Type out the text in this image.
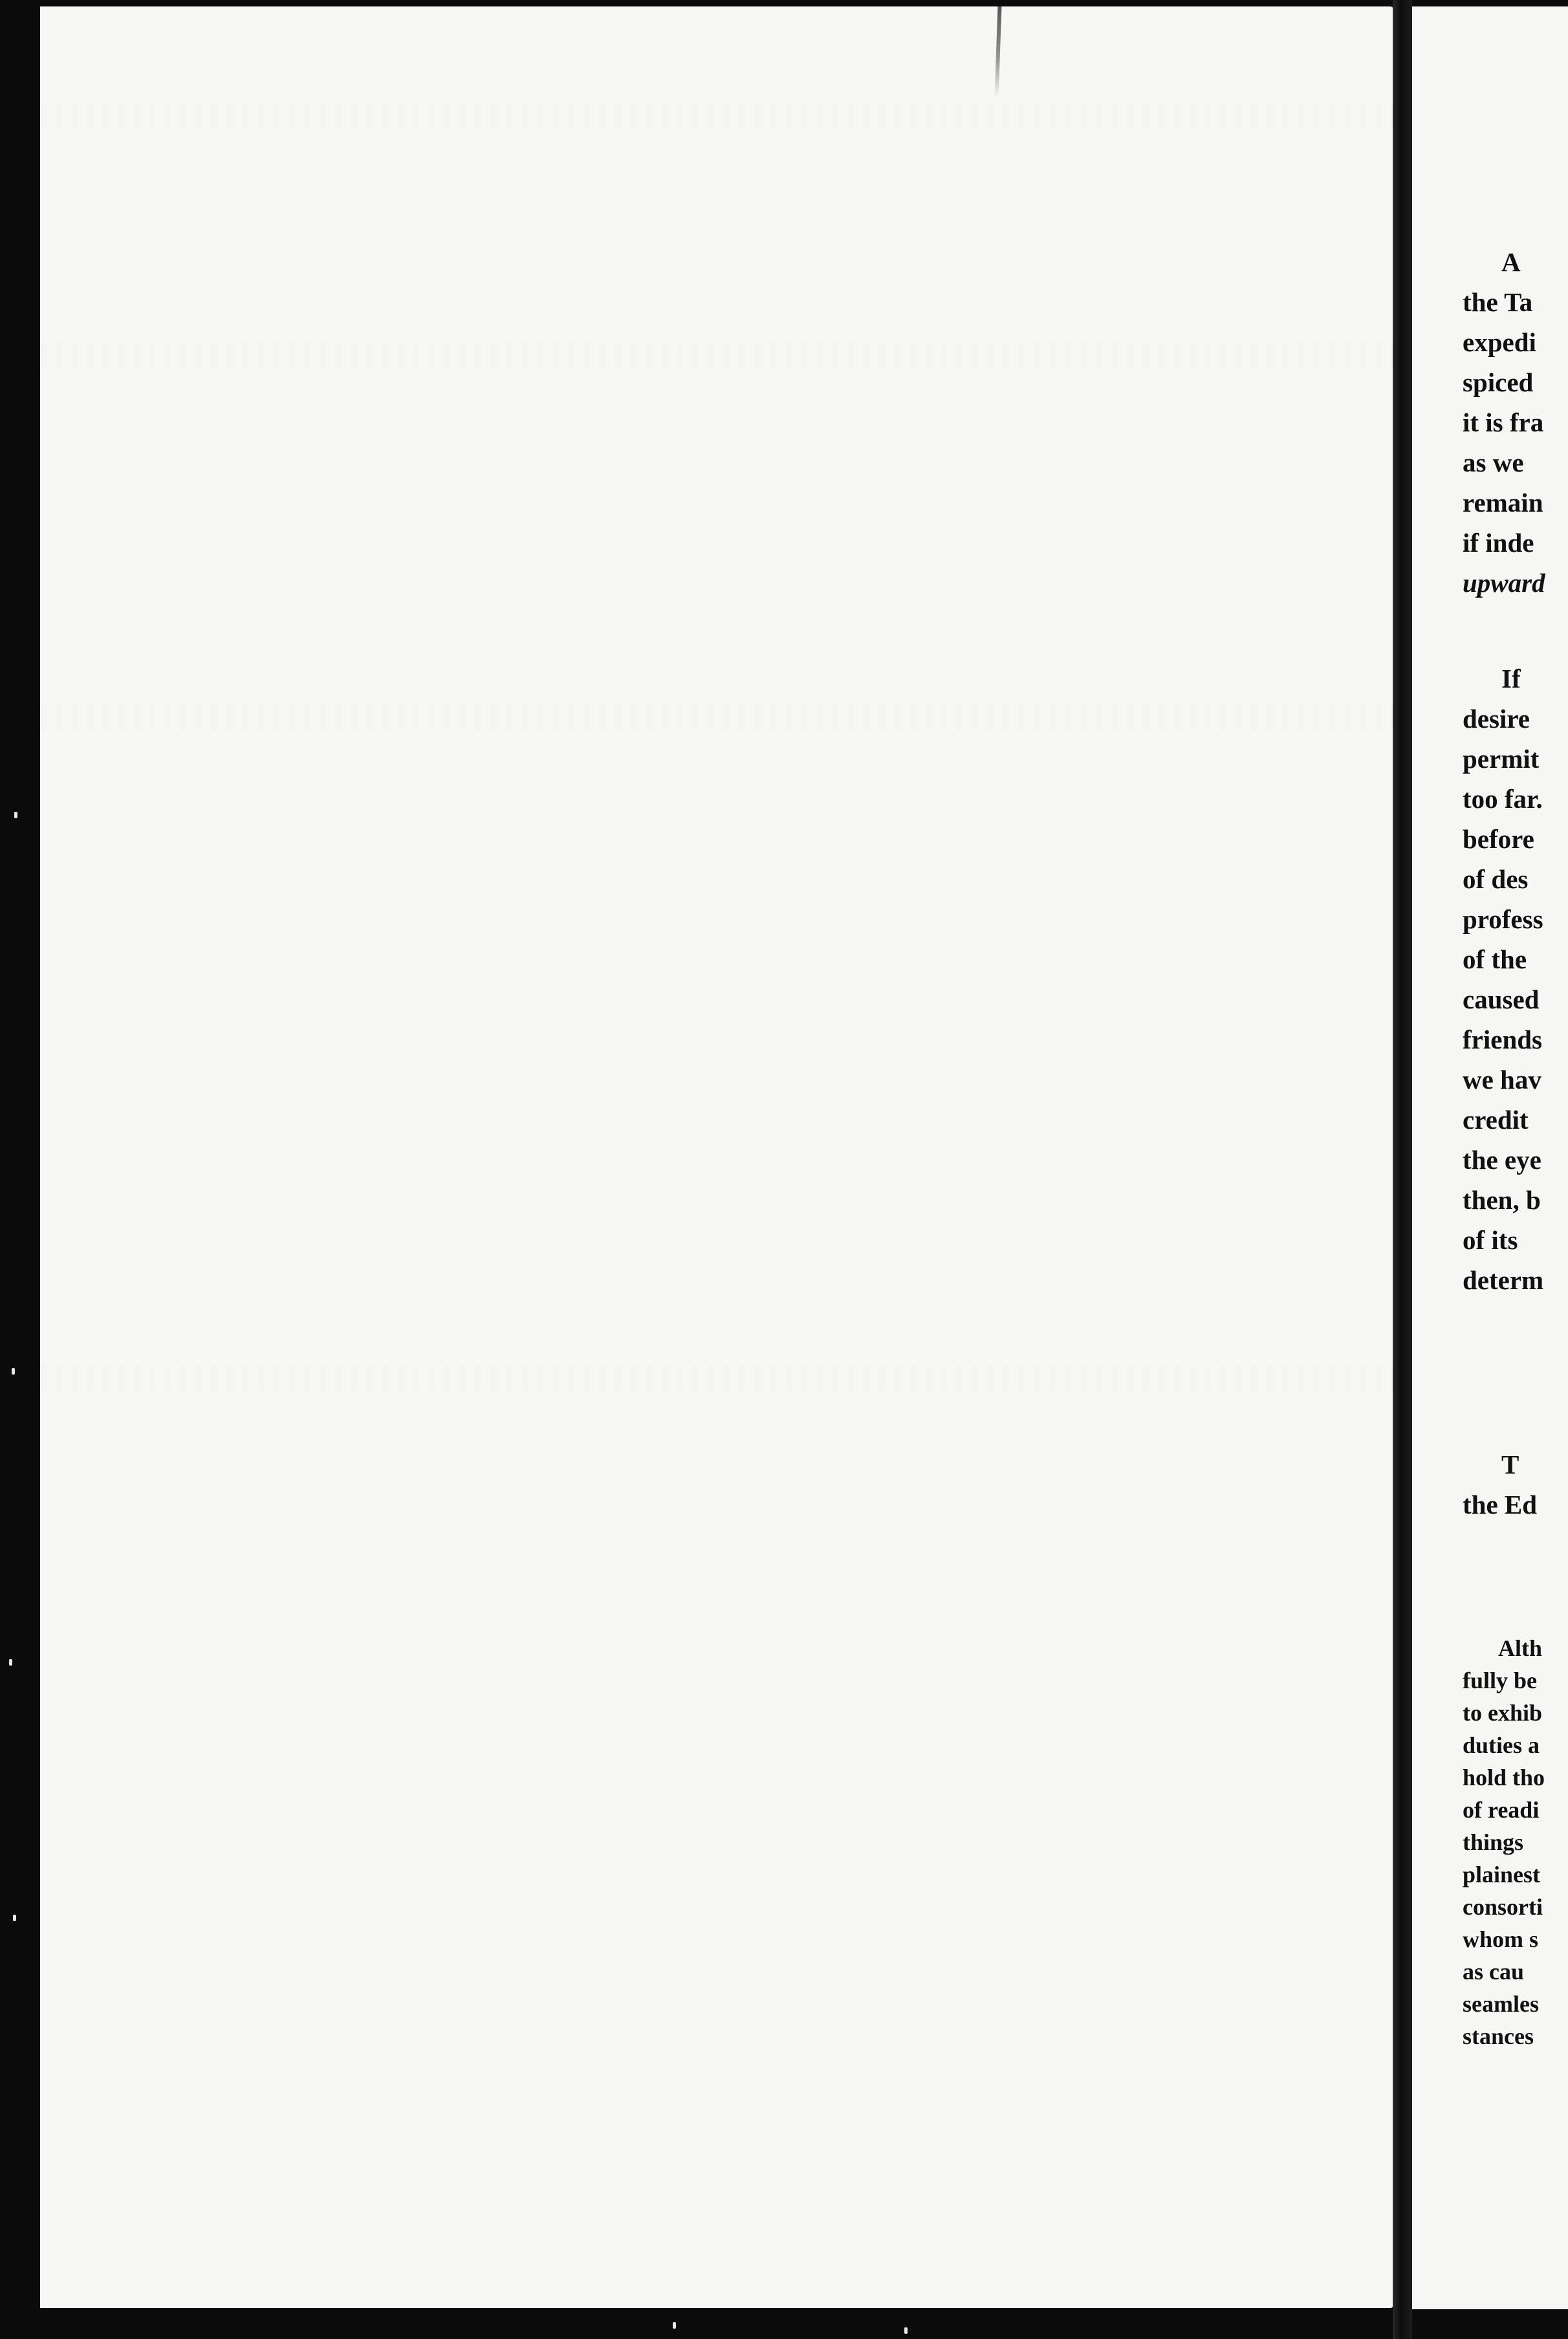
A
the Ta
expedi
spiced
it is fra
as we
remain
if inde
upward
If
desire
permit
too far.
before
of des
profess
of the
caused
friends
we hav
credit
the eye
then, b
of its
determ
T
the Ed
Alth
fully be
to exhib
duties a
hold tho
of readi
things
plainest
consorti
whom s
as cau
seamles
stances
